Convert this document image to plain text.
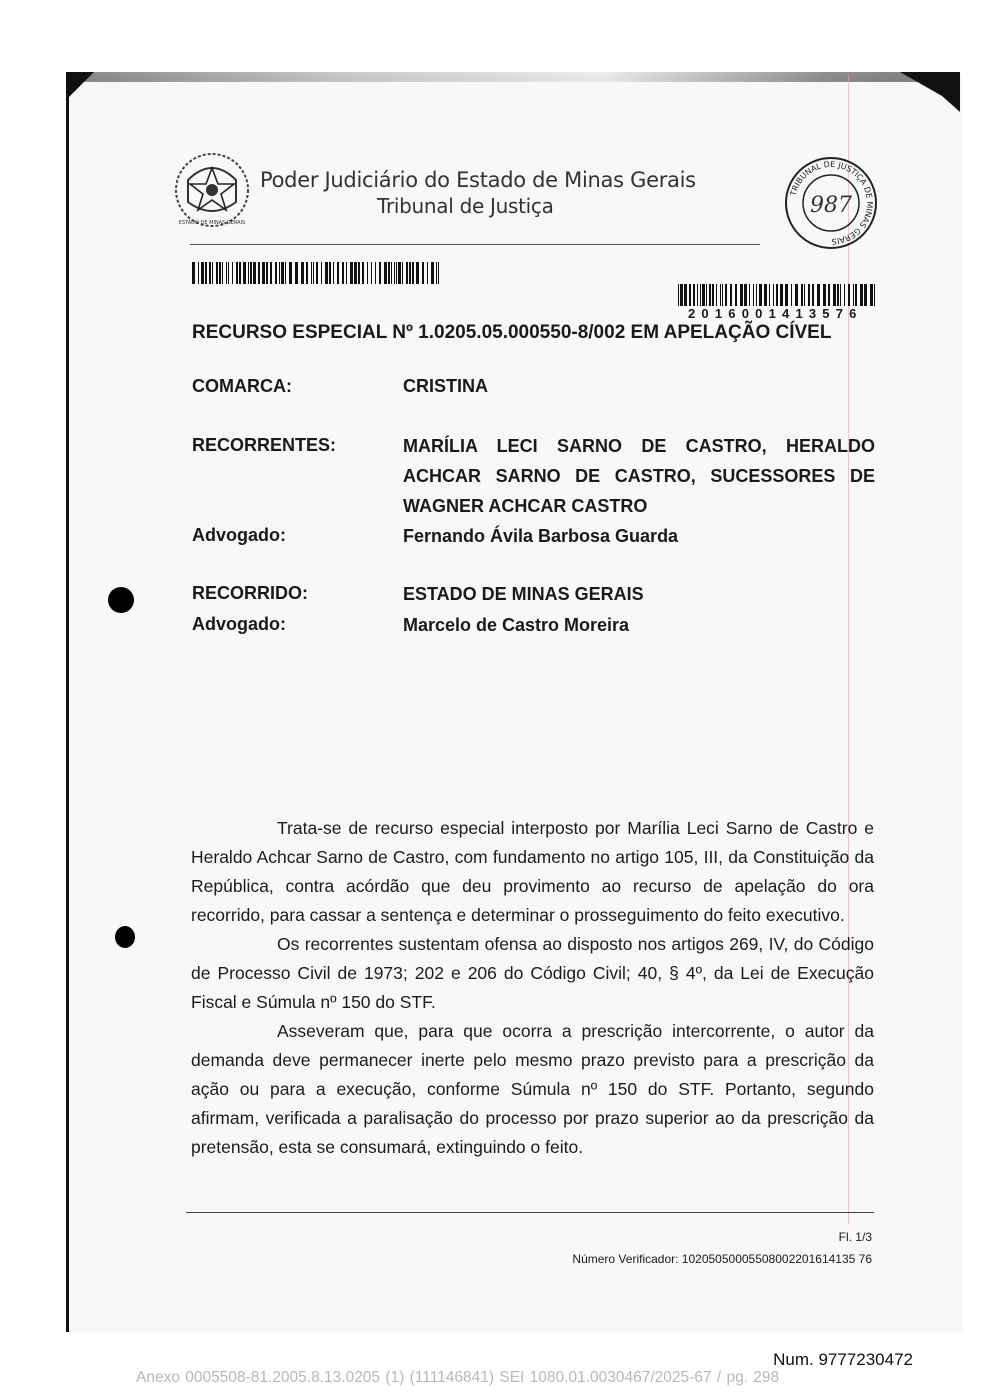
ESTADO DE MINAS GERAIS
Poder Judiciário do Estado de Minas Gerais
Tribunal de Justiça
TRIBUNAL DE JUSTIÇA DE MINAS GERAIS
987
2016001413576
RECURSO ESPECIAL Nº 1.0205.05.000550-8/002 EM APELAÇÃO CÍVEL
COMARCA:	CRISTINA
RECORRENTES:	MARÍLIA LECI SARNO DE CASTRO, HERALDO ACHCAR SARNO DE CASTRO, SUCESSORES DE WAGNER ACHCAR CASTRO
Advogado:	Fernando Ávila Barbosa Guarda
RECORRIDO:	ESTADO DE MINAS GERAIS
Advogado:	Marcelo de Castro Moreira

Trata-se de recurso especial interposto por Marília Leci Sarno de Castro e Heraldo Achcar Sarno de Castro, com fundamento no artigo 105, III, da Constituição da República, contra acórdão que deu provimento ao recurso de apelação do ora recorrido, para cassar a sentença e determinar o prosseguimento do feito executivo.

Os recorrentes sustentam ofensa ao disposto nos artigos 269, IV, do Código de Processo Civil de 1973; 202 e 206 do Código Civil; 40, § 4º, da Lei de Execução Fiscal e Súmula nº 150 do STF.

Asseveram que, para que ocorra a prescrição intercorrente, o autor da demanda deve permanecer inerte pelo mesmo prazo previsto para a prescrição da ação ou para a execução, conforme Súmula nº 150 do STF. Portanto, segundo afirmam, verificada a paralisação do processo por prazo superior ao da prescrição da pretensão, esta se consumará, extinguindo o feito.

Fl. 1/3
Número Verificador: 10205050005508002201614135 76
Num. 9777230472
Anexo 0005508-81.2005.8.13.0205 (1) (111146841) SEI 1080.01.0030467/2025-67 / pg. 298
